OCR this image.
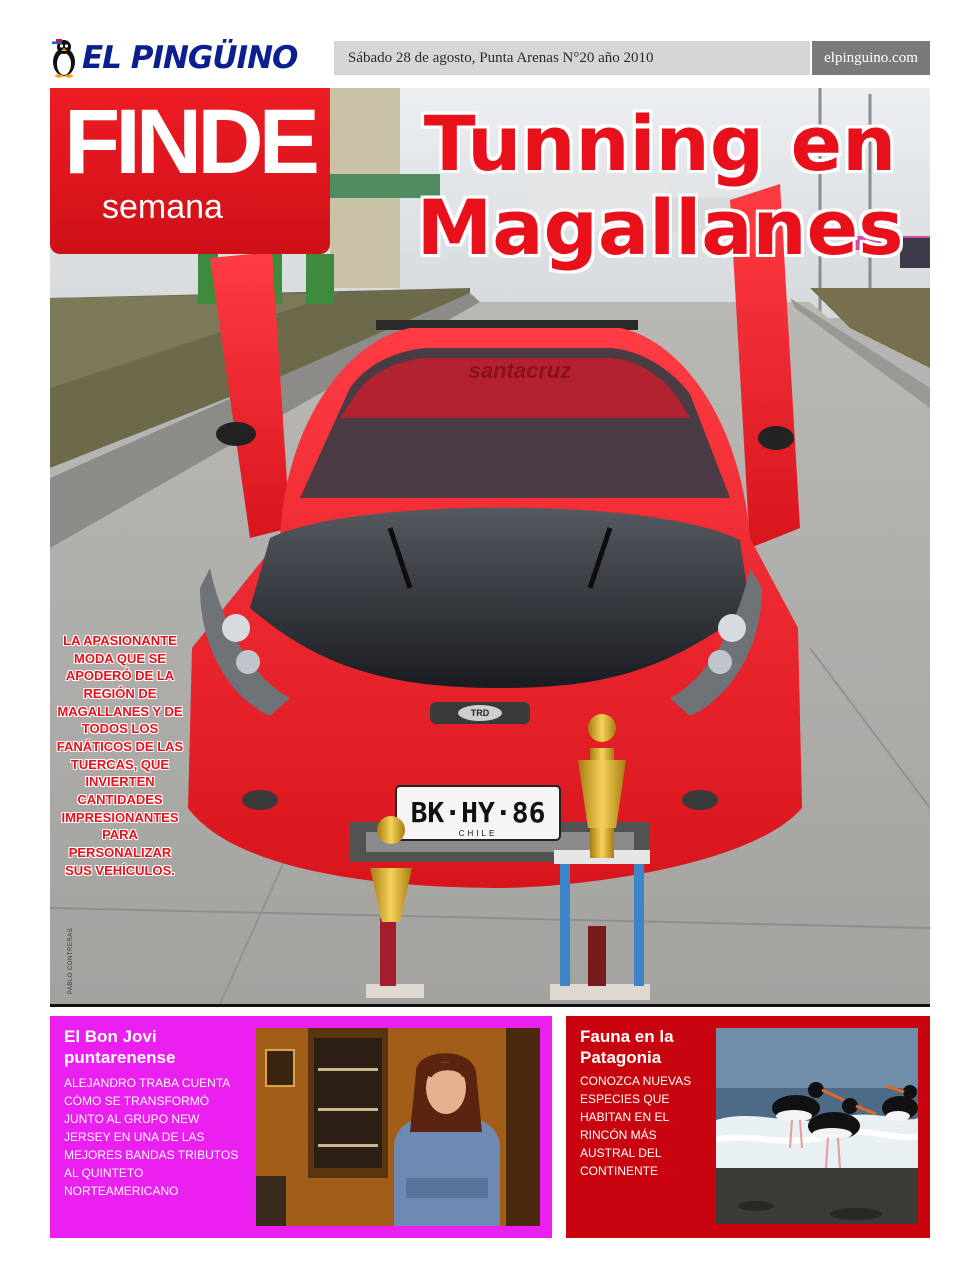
EL PINGÜINO	Sábado 28 de agosto, Punta Arenas N°20 año 2010	elpinguino.com
BK·HY·86
CHILE
santacruz
TRD
FINDE
semana
Tunning en
Magallanes

LA APASIONANTE MODA QUE SE APODERÓ DE LA REGIÓN DE MAGALLANES Y DE TODOS LOS FANÁTICOS DE LAS TUERCAS, QUE INVIERTEN CANTIDADES IMPRESIONANTES PARA PERSONALIZAR SUS VEHÍCULOS.

PABLO CONTRERAS
El Bon Jovi puntarenense

ALEJANDRO TRABA CUENTA CÓMO SE TRANSFORMÓ JUNTO AL GRUPO NEW JERSEY EN UNA DE LAS MEJORES BANDAS TRIBUTOS AL QUINTETO NORTEAMERICANO

Fauna en la Patagonia

CONOZCA NUEVAS ESPECIES QUE HABITAN EN EL RINCÓN MÁS AUSTRAL DEL CONTINENTE
